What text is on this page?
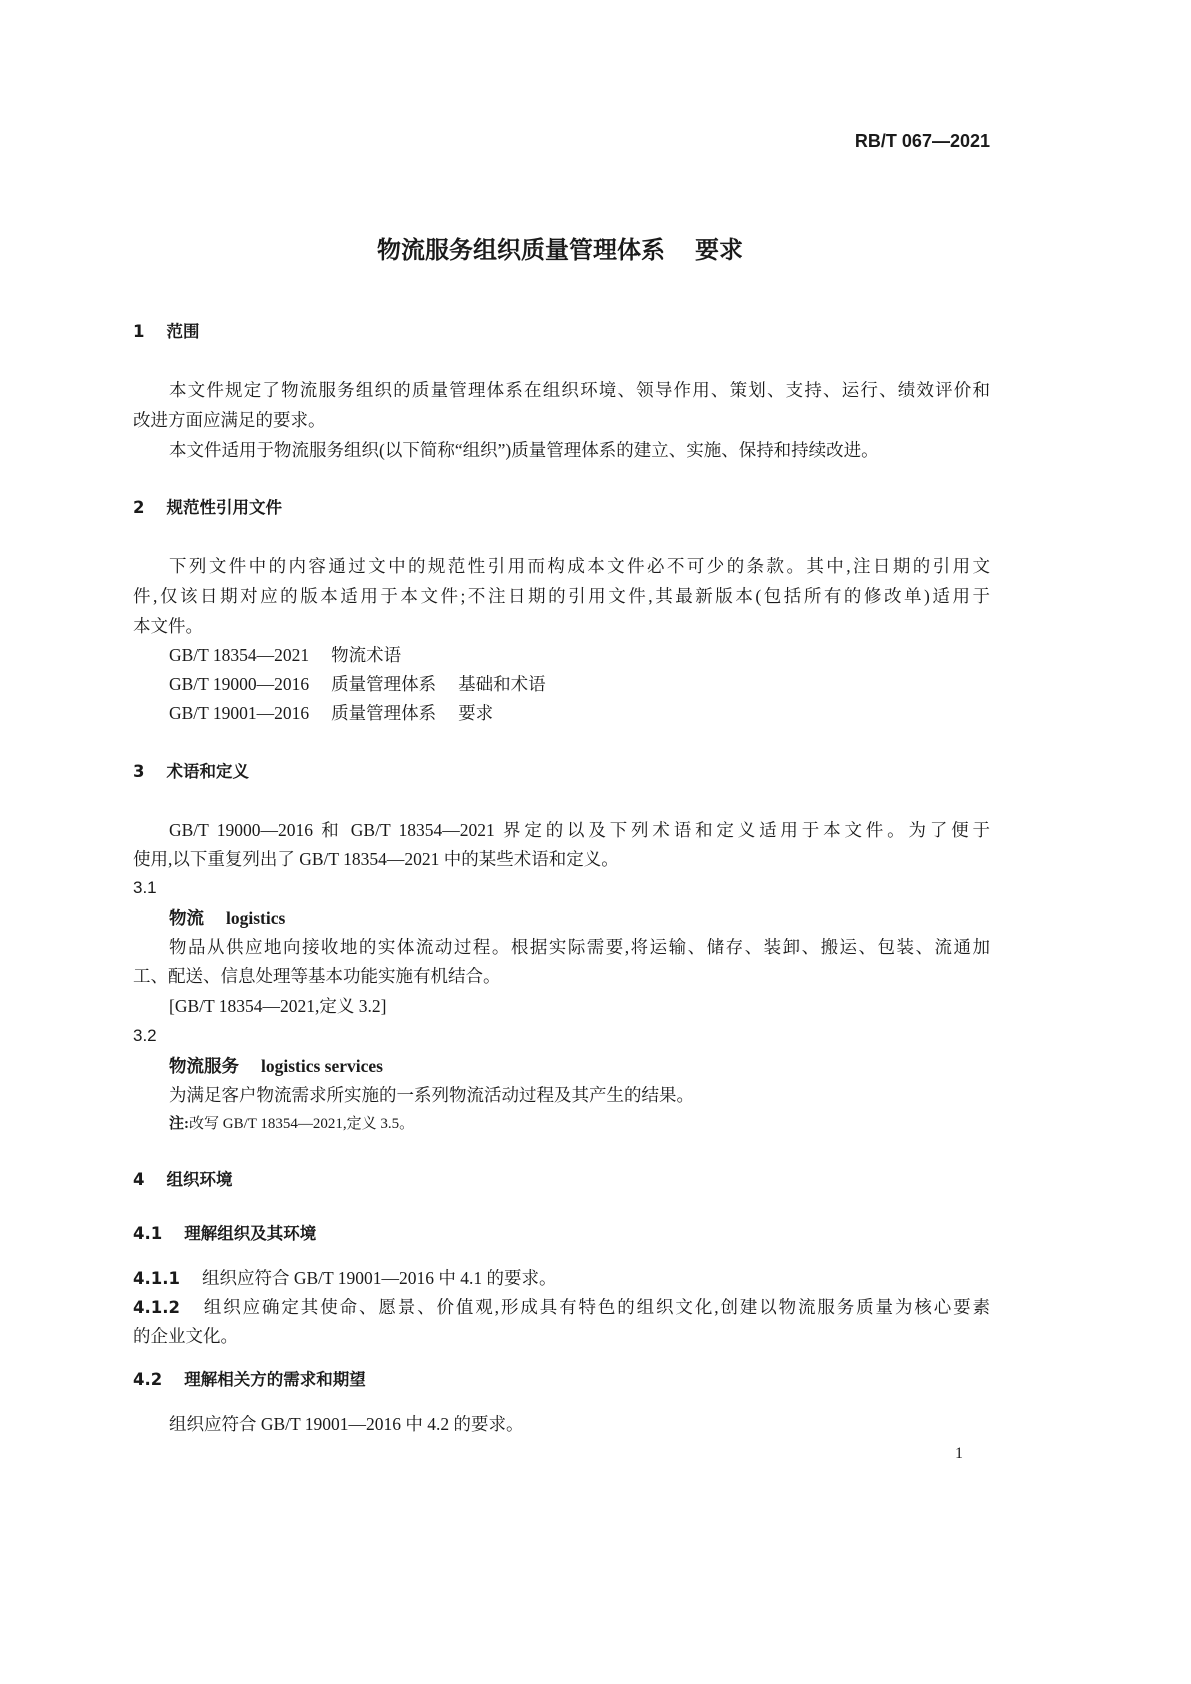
RB/T 067—2021
物流服务组织质量管理体系 要求
1 范围
本文件规定了物流服务组织的质量管理体系在组织环境、领导作用、策划、支持、运行、绩效评价和
改进方面应满足的要求。
本文件适用于物流服务组织(以下简称“组织”)质量管理体系的建立、实施、保持和持续改进。
2 规范性引用文件
下列文件中的内容通过文中的规范性引用而构成本文件必不可少的条款。其中,注日期的引用文
件,仅该日期对应的版本适用于本文件;不注日期的引用文件,其最新版本(包括所有的修改单)适用于
本文件。
GB/T 18354—2021 物流术语
GB/T 19000—2016 质量管理体系 基础和术语
GB/T 19001—2016 质量管理体系 要求
3 术语和定义
GB/T 19000—2016 和 GB/T 18354—2021 界定的以及下列术语和定义适用于本文件。为了便于
使用,以下重复列出了 GB/T 18354—2021 中的某些术语和定义。
3.1
物流 logistics
物品从供应地向接收地的实体流动过程。根据实际需要,将运输、储存、装卸、搬运、包装、流通加
工、配送、信息处理等基本功能实施有机结合。
[GB/T 18354—2021,定义 3.2]
3.2
物流服务 logistics services
为满足客户物流需求所实施的一系列物流活动过程及其产生的结果。
注:改写 GB/T 18354—2021,定义 3.5。
4 组织环境
4.1 理解组织及其环境
4.1.1 组织应符合 GB/T 19001—2016 中 4.1 的要求。
4.1.2 组织应确定其使命、愿景、价值观,形成具有特色的组织文化,创建以物流服务质量为核心要素
的企业文化。
4.2 理解相关方的需求和期望
组织应符合 GB/T 19001—2016 中 4.2 的要求。
1
